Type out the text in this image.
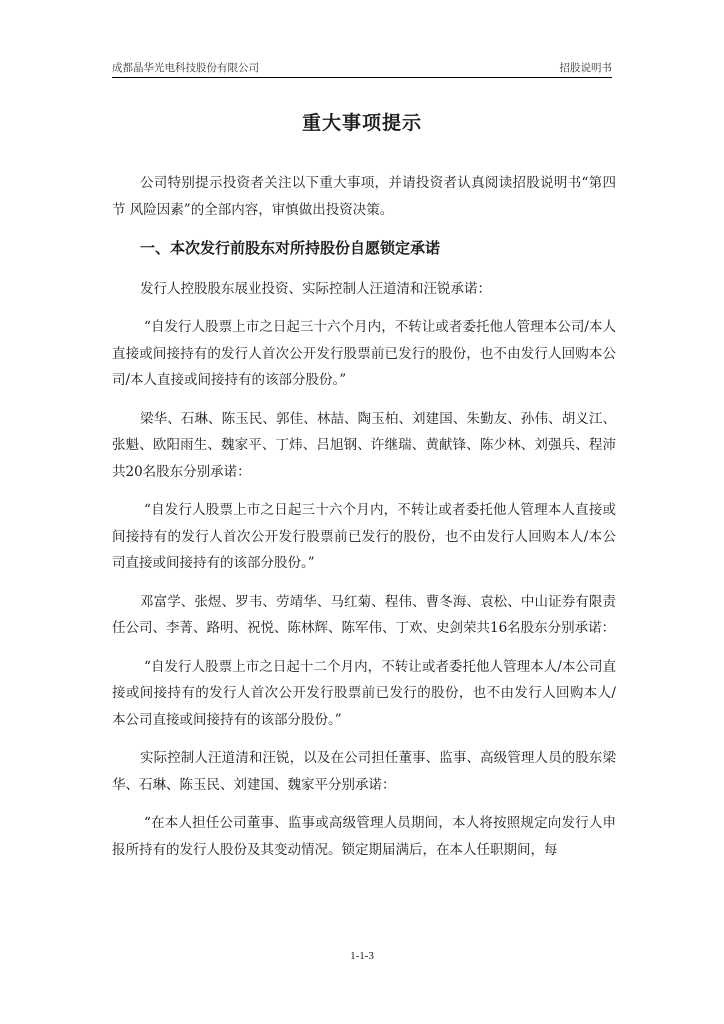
成都晶华光电科技股份有限公司	招股说明书
重大事项提示

公司特别提示投资者关注以下重大事项，并请投资者认真阅读招股说明书“第四节 风险因素”的全部内容，审慎做出投资决策。

一、本次发行前股东对所持股份自愿锁定承诺

发行人控股股东展业投资、实际控制人汪道清和汪锐承诺：

“自发行人股票上市之日起三十六个月内，不转让或者委托他人管理本公司/本人直接或间接持有的发行人首次公开发行股票前已发行的股份，也不由发行人回购本公司/本人直接或间接持有的该部分股份。”

梁华、石琳、陈玉民、郭佳、林喆、陶玉柏、刘建国、朱勤友、孙伟、胡义江、张魁、欧阳雨生、魏家平、丁炜、吕旭钢、许继瑞、黄献锋、陈少林、刘强兵、程沛共20名股东分别承诺：

“自发行人股票上市之日起三十六个月内，不转让或者委托他人管理本人直接或间接持有的发行人首次公开发行股票前已发行的股份，也不由发行人回购本人/本公司直接或间接持有的该部分股份。”

邓富学、张煜、罗韦、劳靖华、马红菊、程伟、曹冬海、袁松、中山证券有限责任公司、李菁、路明、祝悦、陈林辉、陈军伟、丁欢、史剑荣共16名股东分别承诺：

“自发行人股票上市之日起十二个月内，不转让或者委托他人管理本人/本公司直接或间接持有的发行人首次公开发行股票前已发行的股份，也不由发行人回购本人/本公司直接或间接持有的该部分股份。”

实际控制人汪道清和汪锐，以及在公司担任董事、监事、高级管理人员的股东梁华、石琳、陈玉民、刘建国、魏家平分别承诺：

“在本人担任公司董事、监事或高级管理人员期间，本人将按照规定向发行人申报所持有的发行人股份及其变动情况。锁定期届满后，在本人任职期间，每

1-1-3
